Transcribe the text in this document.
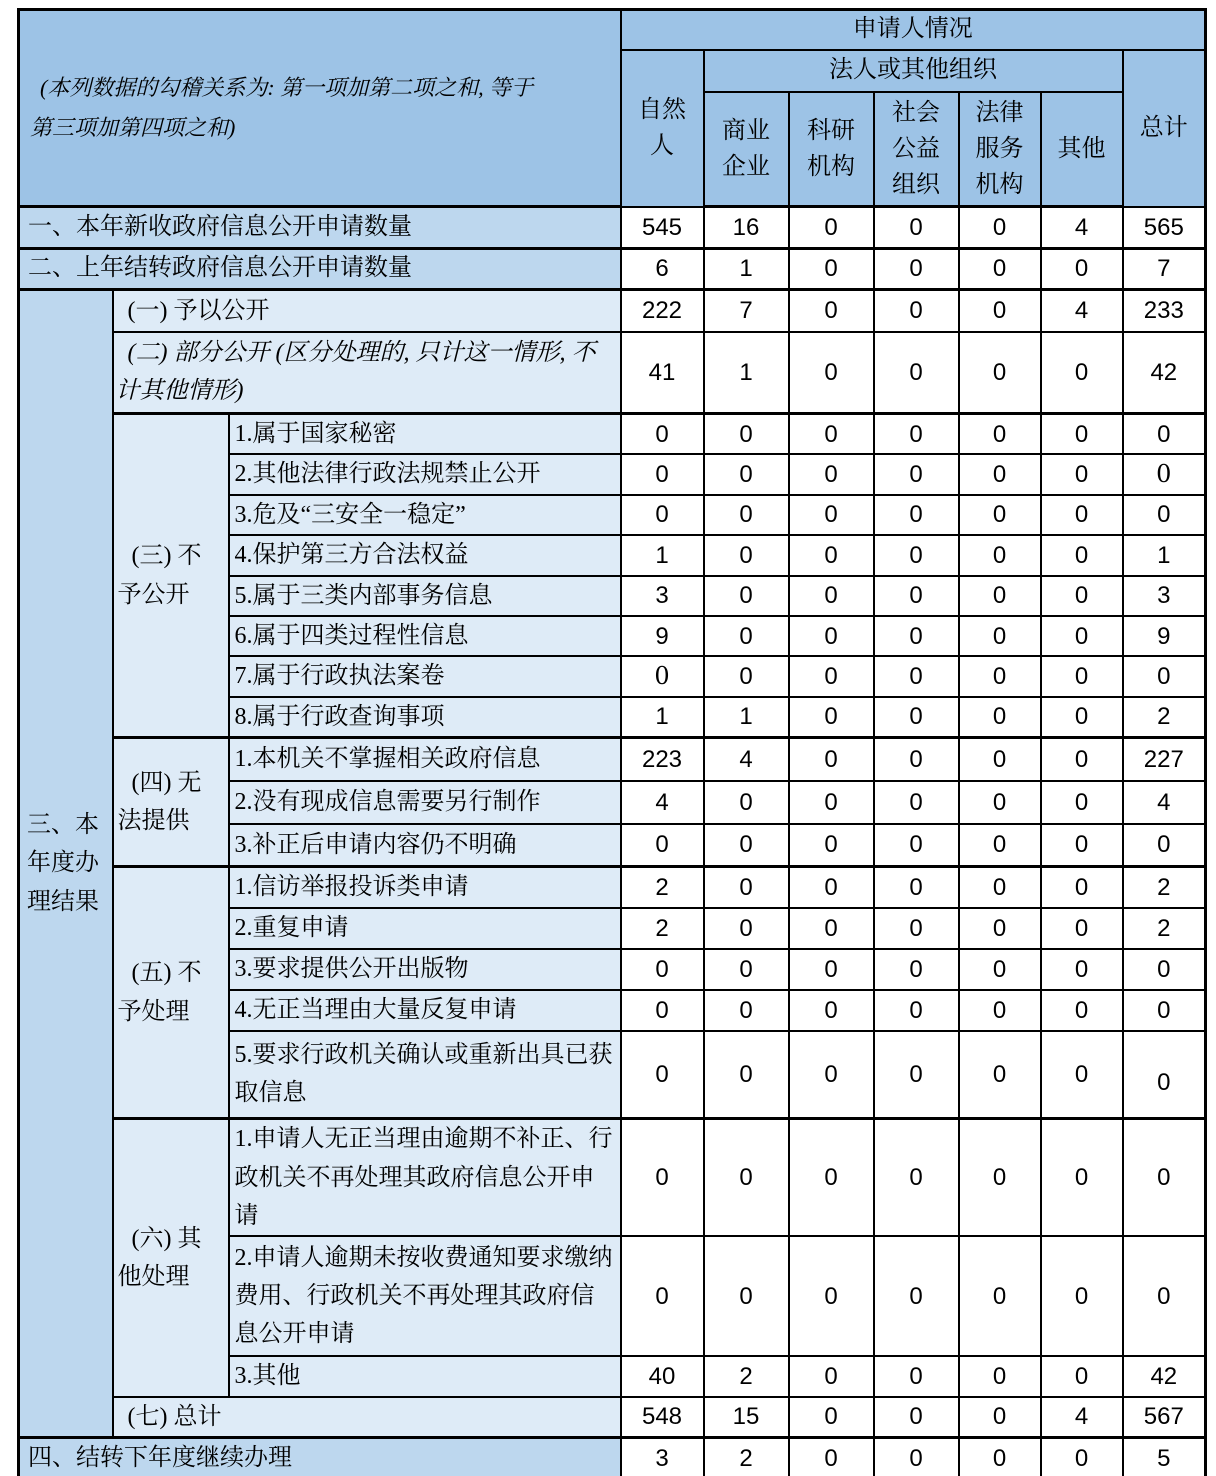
(本列数据的勾稽关系为: 第一项加第二项之和, 等于第三项加第四项之和)			申请人情况						
			自然人	法人或其他组织					总计
				商业企业	科研机构	社会公益组织	法律服务机构	其他	
一、本年新收政府信息公开申请数量			545	16	0	0	0	4	565
二、上年结转政府信息公开申请数量			6	1	0	0	0	0	7
三、本年度办理结果	(一) 予以公开		222	7	0	0	0	4	233
	(二) 部分公开 (区分处理的, 只计这一情形, 不计其他情形)		41	1	0	0	0	0	42
	(三) 不予公开	1.属于国家秘密	0	0	0	0	0	0	0
		2.其他法律行政法规禁止公开	0	0	0	0	0	0	0
		3.危及“三安全一稳定”	0	0	0	0	0	0	0
		4.保护第三方合法权益	1	0	0	0	0	0	1
		5.属于三类内部事务信息	3	0	0	0	0	0	3
		6.属于四类过程性信息	9	0	0	0	0	0	9
		7.属于行政执法案卷	0	0	0	0	0	0	0
		8.属于行政查询事项	1	1	0	0	0	0	2
	(四) 无法提供	1.本机关不掌握相关政府信息	223	4	0	0	0	0	227
		2.没有现成信息需要另行制作	4	0	0	0	0	0	4
		3.补正后申请内容仍不明确	0	0	0	0	0	0	0
	(五) 不予处理	1.信访举报投诉类申请	2	0	0	0	0	0	2
		2.重复申请	2	0	0	0	0	0	2
		3.要求提供公开出版物	0	0	0	0	0	0	0
		4.无正当理由大量反复申请	0	0	0	0	0	0	0
		5.要求行政机关确认或重新出具已获取信息	0	0	0	0	0	0	0
	(六) 其他处理	1.申请人无正当理由逾期不补正、行政机关不再处理其政府信息公开申请	0	0	0	0	0	0	0
		2.申请人逾期未按收费通知要求缴纳费用、行政机关不再处理其政府信息公开申请	0	0	0	0	0	0	0
		3.其他	40	2	0	0	0	0	42
	(七) 总计		548	15	0	0	0	4	567
四、结转下年度继续办理			3	2	0	0	0	0	5
